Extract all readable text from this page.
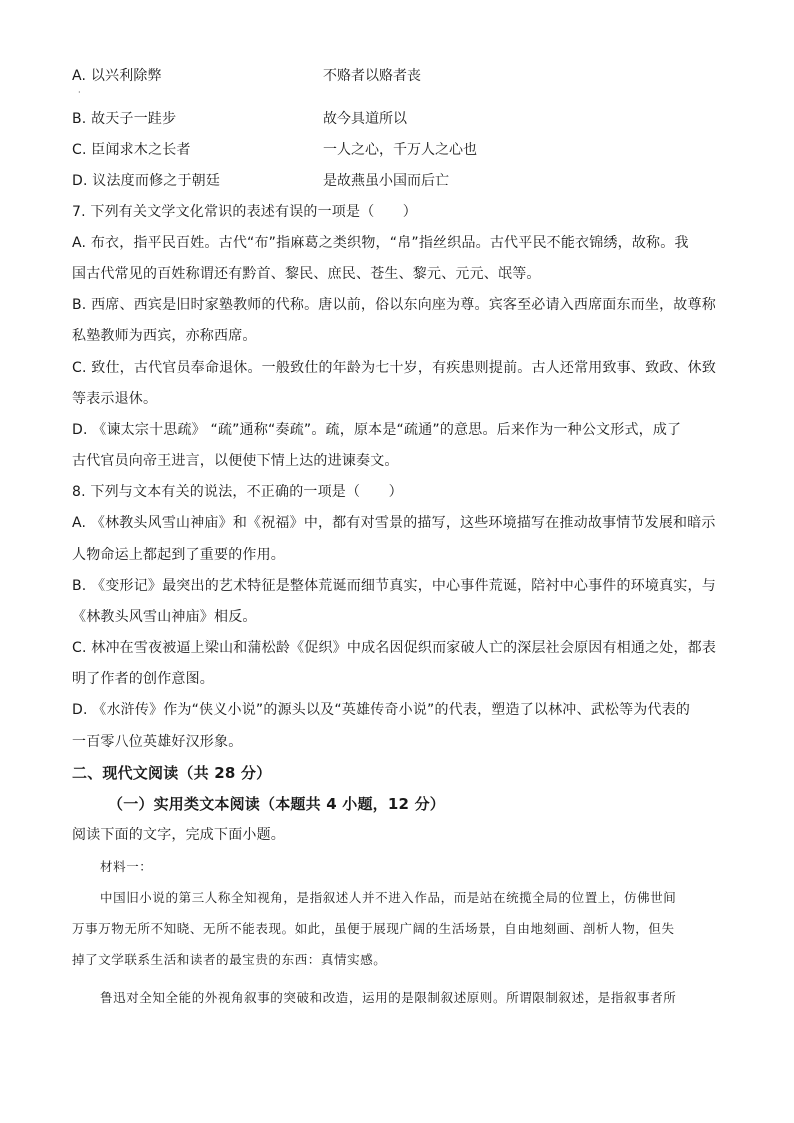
A. 以兴利除弊	不赂者以赂者丧
·
B. 故天子一跬步	故今具道所以
C. 臣闻求木之长者	一人之心，千万人之心也
D. 议法度而修之于朝廷	是故燕虽小国而后亡
7. 下列有关文学文化常识的表述有误的一项是（　　）
A. 布衣，指平民百姓。古代“布”指麻葛之类织物，“帛”指丝织品。古代平民不能衣锦绣，故称。我
国古代常见的百姓称谓还有黔首、黎民、庶民、苍生、黎元、元元、氓等。
B. 西席、西宾是旧时家塾教师的代称。唐以前，俗以东向座为尊。宾客至必请入西席面东而坐，故尊称
私塾教师为西宾，亦称西席。
C. 致仕，古代官员奉命退休。一般致仕的年龄为七十岁，有疾患则提前。古人还常用致事、致政、休致
等表示退休。
D. 《谏太宗十思疏》 “疏”通称“奏疏”。疏，原本是“疏通”的意思。后来作为一种公文形式，成了
古代官员向帝王进言，以便使下情上达的进谏奏文。
8. 下列与文本有关的说法，不正确的一项是（　　）
A. 《林教头风雪山神庙》和《祝福》中，都有对雪景的描写，这些环境描写在推动故事情节发展和暗示
人物命运上都起到了重要的作用。
B. 《变形记》最突出的艺术特征是整体荒诞而细节真实，中心事件荒诞，陪衬中心事件的环境真实，与
《林教头风雪山神庙》相反。
C. 林冲在雪夜被逼上梁山和蒲松龄《促织》中成名因促织而家破人亡的深层社会原因有相通之处，都表
明了作者的创作意图。
D. 《水浒传》作为“侠义小说”的源头以及“英雄传奇小说”的代表，塑造了以林冲、武松等为代表的
一百零八位英雄好汉形象。
二、现代文阅读（共 28 分）
（一）实用类文本阅读（本题共 4 小题，12 分）
阅读下面的文字，完成下面小题。
材料一：
中国旧小说的第三人称全知视角，是指叙述人并不进入作品，而是站在统揽全局的位置上，仿佛世间
万事万物无所不知晓、无所不能表现。如此，虽便于展现广阔的生活场景，自由地刻画、剖析人物，但失
掉了文学联系生活和读者的最宝贵的东西：真情实感。
鲁迅对全知全能的外视角叙事的突破和改造，运用的是限制叙述原则。所谓限制叙述，是指叙事者所
